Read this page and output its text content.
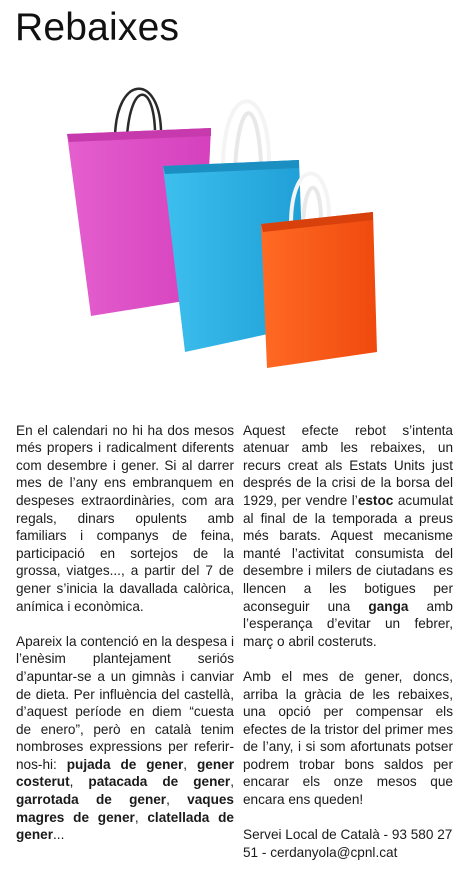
Rebaixes

En el calendari no hi ha dos mesos més propers i radicalment diferents com desembre i gener. Si al darrer mes de l’any ens embranquem en despeses extraordinàries, com ara regals, dinars opulents amb familiars i companys de feina, participació en sortejos de la grossa, viatges..., a partir del 7 de gener s’inicia la davallada calòrica, anímica i econòmica.

Apareix la contenció en la despesa i l’enèsim plantejament seriós d’apuntar-se a un gimnàs i canviar de dieta. Per influència del castellà, d’aquest període en diem “cuesta de enero”, però en català tenim nombroses expressions per referir-nos-hi: pujada de gener, gener costerut, patacada de gener, garrotada de gener, vaques magres de gener, clatellada de gener...

Aquest efecte rebot s’intenta atenuar amb les rebaixes, un recurs creat als Estats Units just després de la crisi de la borsa del 1929, per vendre l’estoc acumulat al final de la temporada a preus més barats. Aquest mecanisme manté l’activitat consumista del desembre i milers de ciutadans es llencen a les botigues per aconseguir una ganga amb l’esperança d’evitar un febrer, març o abril costeruts.

Amb el mes de gener, doncs, arriba la gràcia de les rebaixes, una opció per compensar els efectes de la tristor del primer mes de l’any, i si som afortunats potser podrem trobar bons saldos per encarar els onze mesos que encara ens queden!

Servei Local de Català - 93 580 27 51 - cerdanyola@cpnl.cat
